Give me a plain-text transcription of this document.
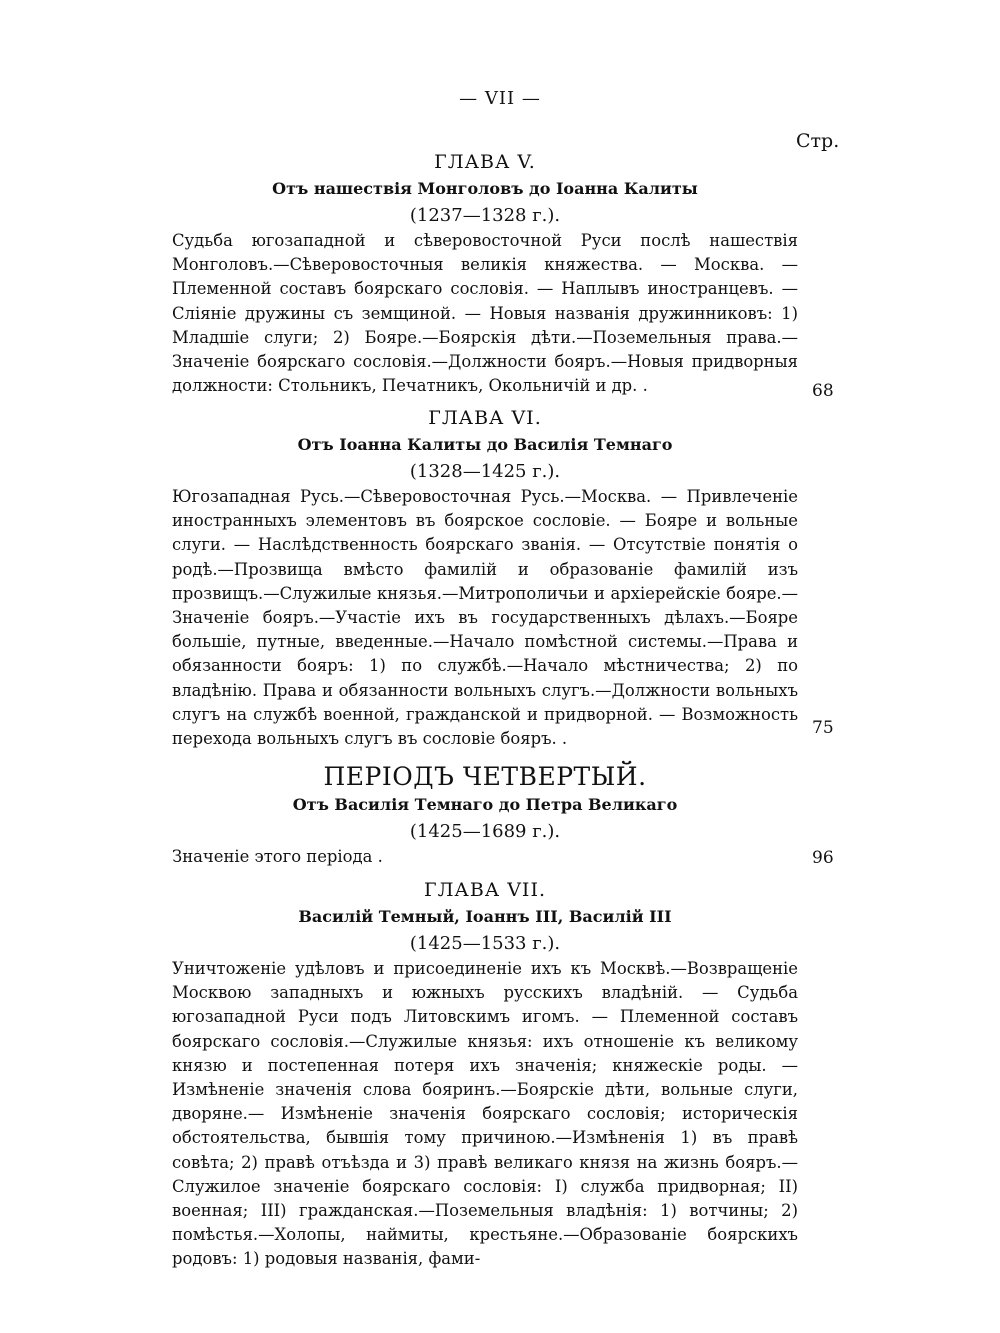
— VII —
Стр.
ГЛАВА V.
Отъ нашествія Монголовъ до Іоанна Калиты
(1237—1328 г.).
Судьба югозападной и сѣверовосточной Руси послѣ нашествія Монголовъ.—Сѣверовосточныя великія княжества. — Москва. — Племенной составъ боярскаго сословія. — Наплывъ иностранцевъ. — Сліяніе дружины съ земщиной. — Новыя названія дружинниковъ: 1) Младшіе слуги; 2) Бояре.—Боярскія дѣти.—Поземельныя права.—Значеніе боярскаго сословія.—Должности бояръ.—Новыя придворныя должности: Стольникъ, Печатникъ, Окольничій и др. .	68
ГЛАВА VI.
Отъ Іоанна Калиты до Василія Темнаго
(1328—1425 г.).
Югозападная Русь.—Сѣверовосточная Русь.—Москва. — Привлеченіе иностранныхъ элементовъ въ боярское сословіе. — Бояре и вольные слуги. — Наслѣдственность боярскаго званія. — Отсутствіе понятія о родѣ.—Прозвища вмѣсто фамилій и образованіе фамилій изъ прозвищъ.—Служилые князья.—Митрополичьи и архіерейскіе бояре.—Значеніе бояръ.—Участіе ихъ въ государственныхъ дѣлахъ.—Бояре большіе, путные, введенные.—Начало помѣстной системы.—Права и обязанности бояръ: 1) по службѣ.—Начало мѣстничества; 2) по владѣнію. Права и обязанности вольныхъ слугъ.—Должности вольныхъ слугъ на службѣ военной, гражданской и придворной. — Возможность перехода вольныхъ слугъ въ сословіе бояръ. .
75
ПЕРІОДЪ ЧЕТВЕРТЫЙ.
Отъ Василія Темнаго до Петра Великаго
(1425—1689 г.).
Значеніе этого періода .	96
ГЛАВА VII.
Василій Темный, Іоаннъ III, Василій III
(1425—1533 г.).
Уничтоженіе удѣловъ и присоединеніе ихъ къ Москвѣ.—Возвращеніе Москвою западныхъ и южныхъ русскихъ владѣній. — Судьба югозападной Руси подъ Литовскимъ игомъ. — Племенной составъ боярскаго сословія.—Служилые князья: ихъ отношеніе къ великому князю и постепенная потеря ихъ значенія; княжескіе роды. — Измѣненіе значенія слова бояринъ.—Боярскіе дѣти, вольные слуги, дворяне.— Измѣненіе значенія боярскаго сословія; историческія обстоятельства, бывшія тому причиною.—Измѣненія 1) въ правѣ совѣта; 2) правѣ отъѣзда и 3) правѣ великаго князя на жизнь бояръ.—Служилое значеніе боярскаго сословія: I) служба придворная; II) военная; III) гражданская.—Поземельныя владѣнія: 1) вотчины; 2) помѣстья.—Холопы, наймиты, крестьяне.—Образованіе боярскихъ родовъ: 1) родовыя названія, фами-
